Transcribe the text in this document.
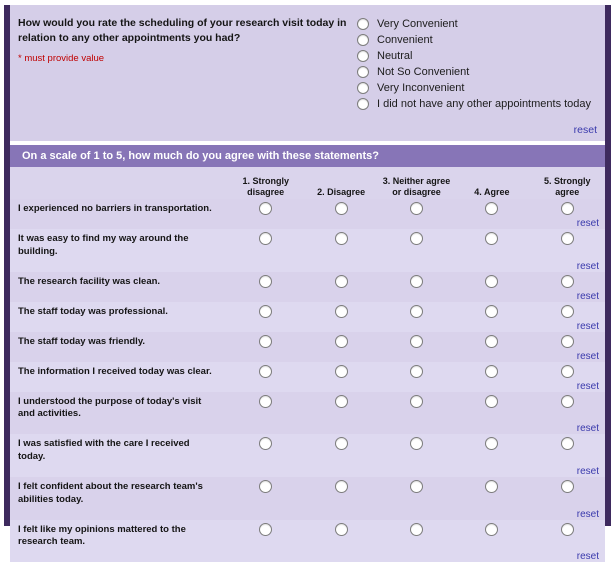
How would you rate the scheduling of your research visit today in relation to any other appointments you had?
* must provide value
Very Convenient
Convenient
Neutral
Not So Convenient
Very Inconvenient
I did not have any other appointments today
reset
On a scale of 1 to 5, how much do you agree with these statements?
1. Strongly disagree	2. Disagree
3. Neither agree or disagree	4. Agree
5. Strongly agree
I experienced no barriers in transportation.
reset
It was easy to find my way around the building.
reset
The research facility was clean.
reset
The staff today was professional.
reset
The staff today was friendly.
reset
The information I received today was clear.
reset
I understood the purpose of today's visit and activities.
reset
I was satisfied with the care I received today.
reset
I felt confident about the research team's abilities today.
reset
I felt like my opinions mattered to the research team.
reset
